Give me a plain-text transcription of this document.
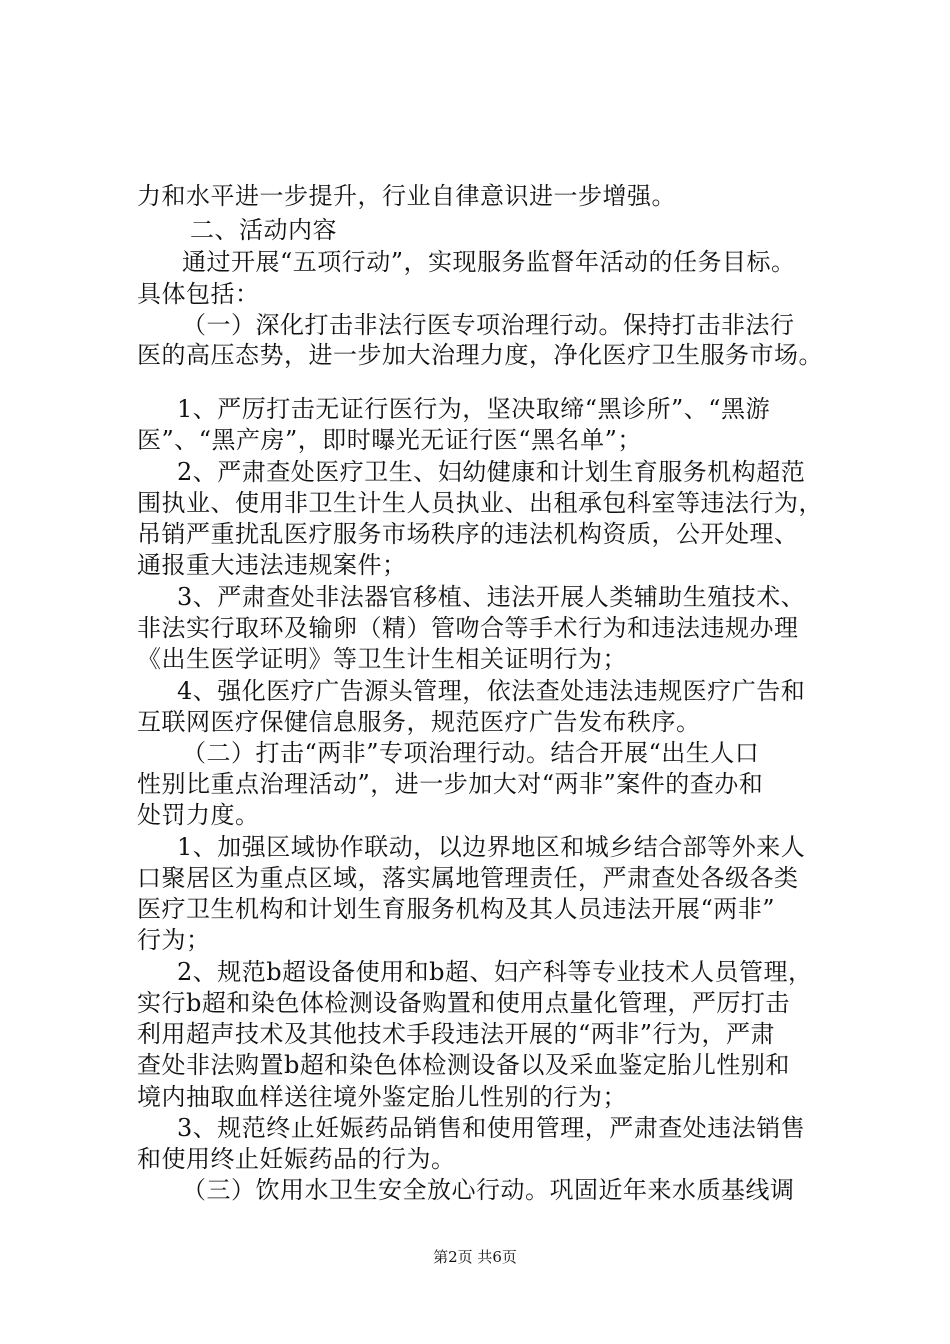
力和水平进一步提升，行业自律意识进一步增强。
二、活动内容
通过开展“五项行动”，实现服务监督年活动的任务目标。
具体包括：
（一）深化打击非法行医专项治理行动。保持打击非法行
医的高压态势，进一步加大治理力度，净化医疗卫生服务市场。
1、严厉打击无证行医行为，坚决取缔“黑诊所”、“黑游
医”、“黑产房”，即时曝光无证行医“黑名单”；
2、严肃查处医疗卫生、妇幼健康和计划生育服务机构超范
围执业、使用非卫生计生人员执业、出租承包科室等违法行为，
吊销严重扰乱医疗服务市场秩序的违法机构资质，公开处理、
通报重大违法违规案件；
3、严肃查处非法器官移植、违法开展人类辅助生殖技术、
非法实行取环及输卵（精）管吻合等手术行为和违法违规办理
《出生医学证明》等卫生计生相关证明行为；
4、强化医疗广告源头管理，依法查处违法违规医疗广告和
互联网医疗保健信息服务，规范医疗广告发布秩序。
（二）打击“两非”专项治理行动。结合开展“出生人口
性别比重点治理活动”，进一步加大对“两非”案件的查办和
处罚力度。
1、加强区域协作联动，以边界地区和城乡结合部等外来人
口聚居区为重点区域，落实属地管理责任，严肃查处各级各类
医疗卫生机构和计划生育服务机构及其人员违法开展“两非”
行为；
2、规范b超设备使用和b超、妇产科等专业技术人员管理，
实行b超和染色体检测设备购置和使用点量化管理，严厉打击
利用超声技术及其他技术手段违法开展的“两非”行为，严肃
查处非法购置b超和染色体检测设备以及采血鉴定胎儿性别和
境内抽取血样送往境外鉴定胎儿性别的行为；
3、规范终止妊娠药品销售和使用管理，严肃查处违法销售
和使用终止妊娠药品的行为。
（三）饮用水卫生安全放心行动。巩固近年来水质基线调
第2页 共6页
